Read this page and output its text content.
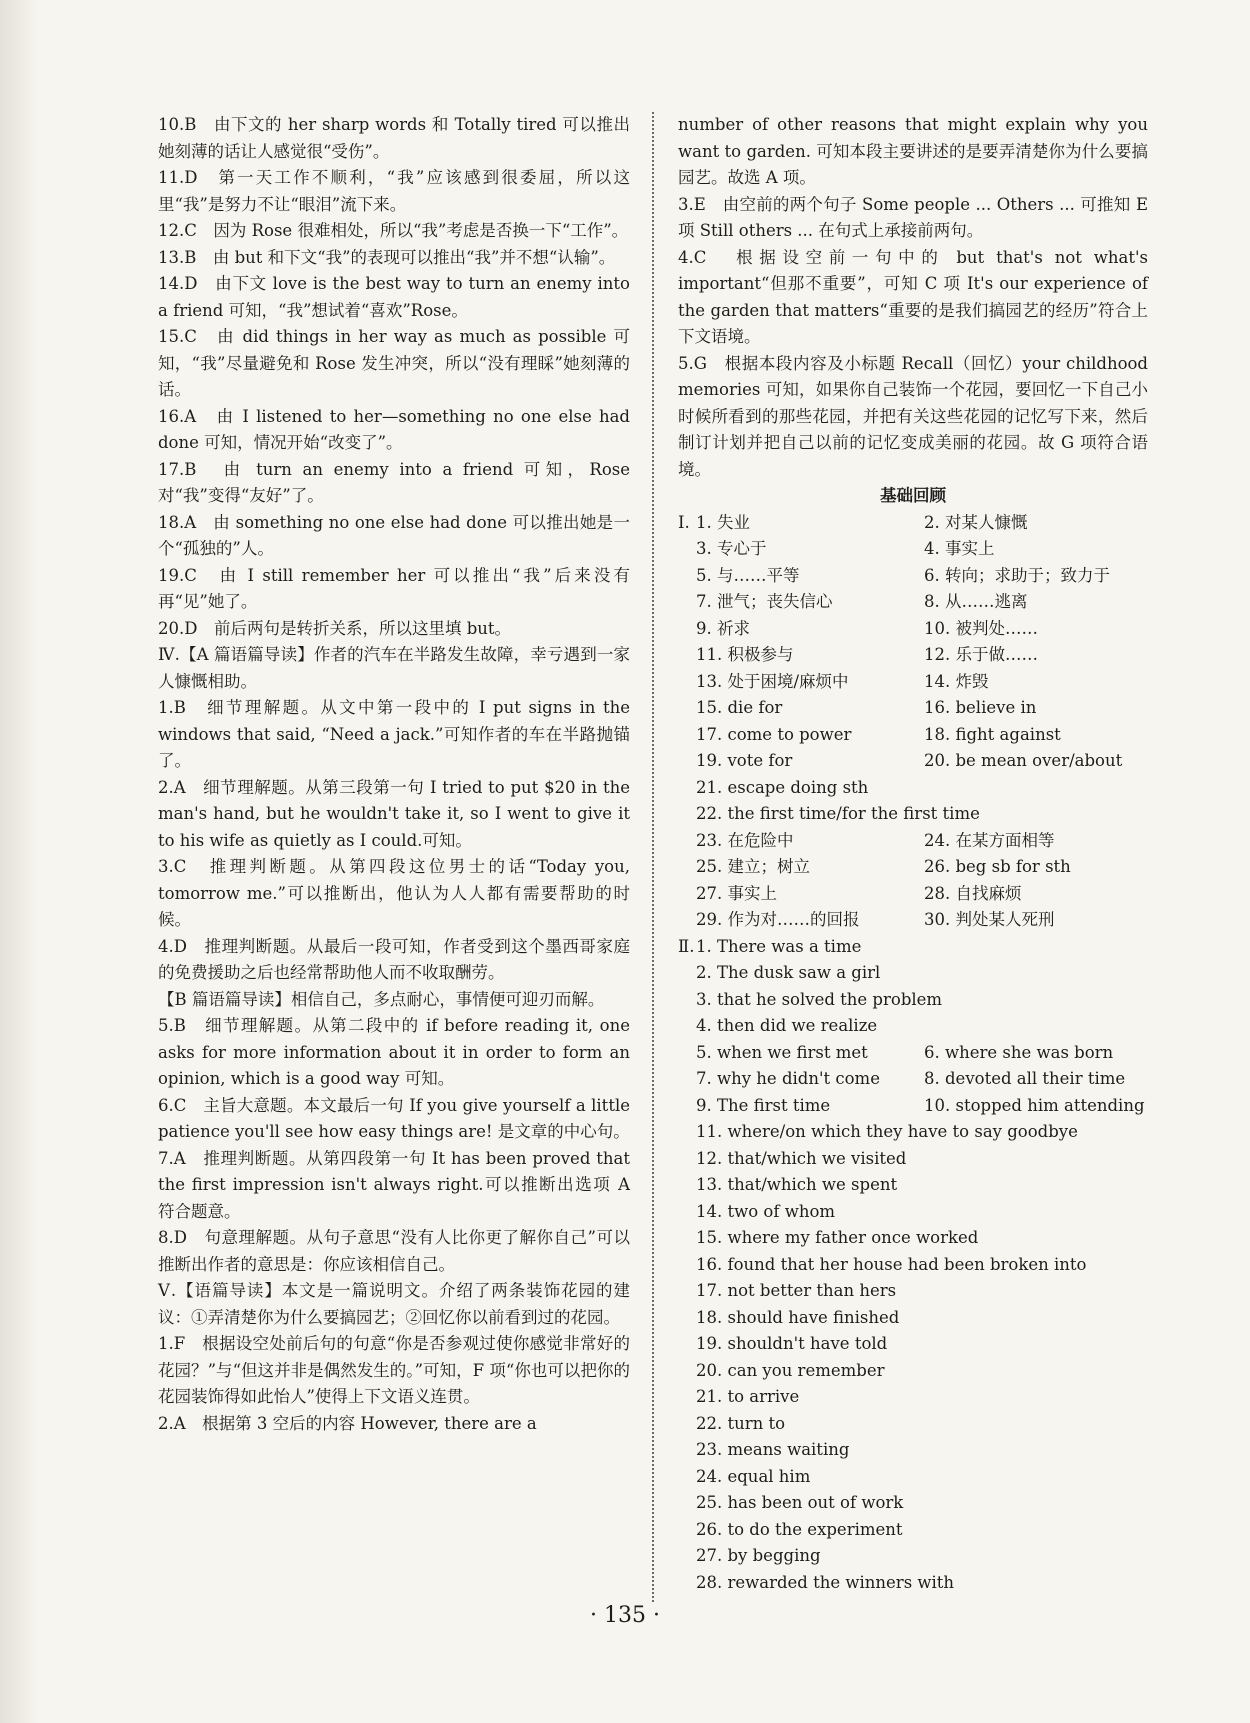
10.B　由下文的 her sharp words 和 Totally tired 可以推出她刻薄的话让人感觉很“受伤”。
11.D　第一天工作不顺利，“我”应该感到很委屈，所以这里“我”是努力不让“眼泪”流下来。
12.C　因为 Rose 很难相处，所以“我”考虑是否换一下“工作”。
13.B　由 but 和下文“我”的表现可以推出“我”并不想“认输”。
14.D　由下文 love is the best way to turn an enemy into a friend 可知，“我”想试着“喜欢”Rose。
15.C　由 did things in her way as much as possible 可知，“我”尽量避免和 Rose 发生冲突，所以“没有理睬”她刻薄的话。
16.A　由 I listened to her—something no one else had done 可知，情况开始“改变了”。
17.B　由 turn an enemy into a friend 可知，Rose 对“我”变得“友好”了。
18.A　由 something no one else had done 可以推出她是一个“孤独的”人。
19.C　由 I still remember her 可以推出“我”后来没有再“见”她了。
20.D　前后两句是转折关系，所以这里填 but。
Ⅳ.【A 篇语篇导读】作者的汽车在半路发生故障，幸亏遇到一家人慷慨相助。
1.B　细节理解题。从文中第一段中的 I put signs in the windows that said, “Need a jack.”可知作者的车在半路抛锚了。
2.A　细节理解题。从第三段第一句 I tried to put $20 in the man's hand, but he wouldn't take it, so I went to give it to his wife as quietly as I could.可知。
3.C　推理判断题。从第四段这位男士的话“Today you, tomorrow me.”可以推断出，他认为人人都有需要帮助的时候。
4.D　推理判断题。从最后一段可知，作者受到这个墨西哥家庭的免费援助之后也经常帮助他人而不收取酬劳。
【B 篇语篇导读】相信自己，多点耐心，事情便可迎刃而解。
5.B　细节理解题。从第二段中的 if before reading it, one asks for more information about it in order to form an opinion, which is a good way 可知。
6.C　主旨大意题。本文最后一句 If you give yourself a little patience you'll see how easy things are! 是文章的中心句。
7.A　推理判断题。从第四段第一句 It has been proved that the first impression isn't always right.可以推断出选项 A 符合题意。
8.D　句意理解题。从句子意思“没有人比你更了解你自己”可以推断出作者的意思是：你应该相信自己。
Ⅴ.【语篇导读】本文是一篇说明文。介绍了两条装饰花园的建议：①弄清楚你为什么要搞园艺；②回忆你以前看到过的花园。
1.F　根据设空处前后句的句意“你是否参观过使你感觉非常好的花园？”与“但这并非是偶然发生的。”可知，F 项“你也可以把你的花园装饰得如此怡人”使得上下文语义连贯。
2.A　根据第 3 空后的内容 However, there are a
number of other reasons that might explain why you want to garden. 可知本段主要讲述的是要弄清楚你为什么要搞园艺。故选 A 项。
3.E　由空前的两个句子 Some people ... Others ... 可推知 E 项 Still others ... 在句式上承接前两句。
4.C　根据设空前一句中的 but that's not what's important“但那不重要”，可知 C 项 It's our experience of the garden that matters“重要的是我们搞园艺的经历”符合上下文语境。
5.G　根据本段内容及小标题 Recall（回忆）your childhood memories 可知，如果你自己装饰一个花园，要回忆一下自己小时候所看到的那些花园，并把有关这些花园的记忆写下来，然后制订计划并把自己以前的记忆变成美丽的花园。故 G 项符合语境。
基础回顾
Ⅰ. 1. 失业	2. 对某人慷慨
3. 专心于	4. 事实上
5. 与……平等	6. 转向；求助于；致力于
7. 泄气；丧失信心	8. 从……逃离
9. 祈求	10. 被判处……
11. 积极参与	12. 乐于做……
13. 处于困境/麻烦中	14. 炸毁
15. die for	16. believe in
17. come to power	18. fight against
19. vote for	20. be mean over/about
21. escape doing sth
22. the first time/for the first time
23. 在危险中	24. 在某方面相等
25. 建立；树立	26. beg sb for sth
27. 事实上	28. 自找麻烦
29. 作为对……的回报	30. 判处某人死刑
Ⅱ.1. There was a time
2. The dusk saw a girl
3. that he solved the problem
4. then did we realize
5. when we first met	6. where she was born
7. why he didn't come	8. devoted all their time
9. The first time	10. stopped him attending
11. where/on which they have to say goodbye
12. that/which we visited
13. that/which we spent
14. two of whom
15. where my father once worked
16. found that her house had been broken into
17. not better than hers
18. should have finished
19. shouldn't have told
20. can you remember
21. to arrive
22. turn to
23. means waiting
24. equal him
25. has been out of work
26. to do the experiment
27. by begging
28. rewarded the winners with
· 135 ·
